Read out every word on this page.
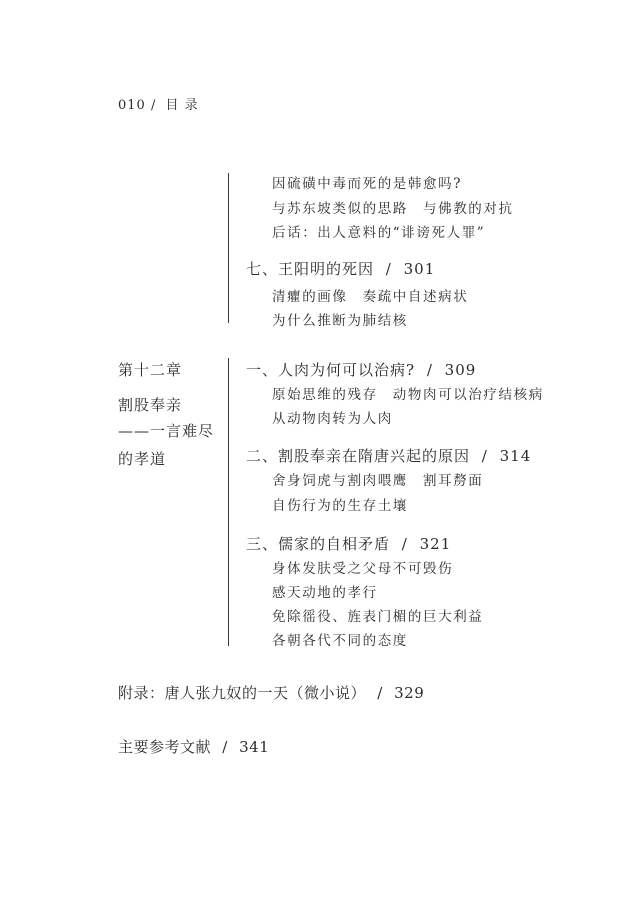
010 / 目 录
因硫磺中毒而死的是韩愈吗?
与苏东坡类似的思路　与佛教的对抗
后话：出人意料的“诽谤死人罪”
七、王阳明的死因 / 301
清癯的画像　奏疏中自述病状
为什么推断为肺结核
第十二章
割股奉亲
——一言难尽
的孝道
一、人肉为何可以治病? / 309
原始思维的残存　动物肉可以治疗结核病
从动物肉转为人肉
二、割股奉亲在隋唐兴起的原因 / 314
舍身饲虎与割肉喂鹰　割耳剺面
自伤行为的生存土壤
三、儒家的自相矛盾 / 321
身体发肤受之父母不可毁伤
感天动地的孝行
免除徭役、旌表门楣的巨大利益
各朝各代不同的态度
附录：唐人张九奴的一天（微小说） / 329
主要参考文献 / 341
